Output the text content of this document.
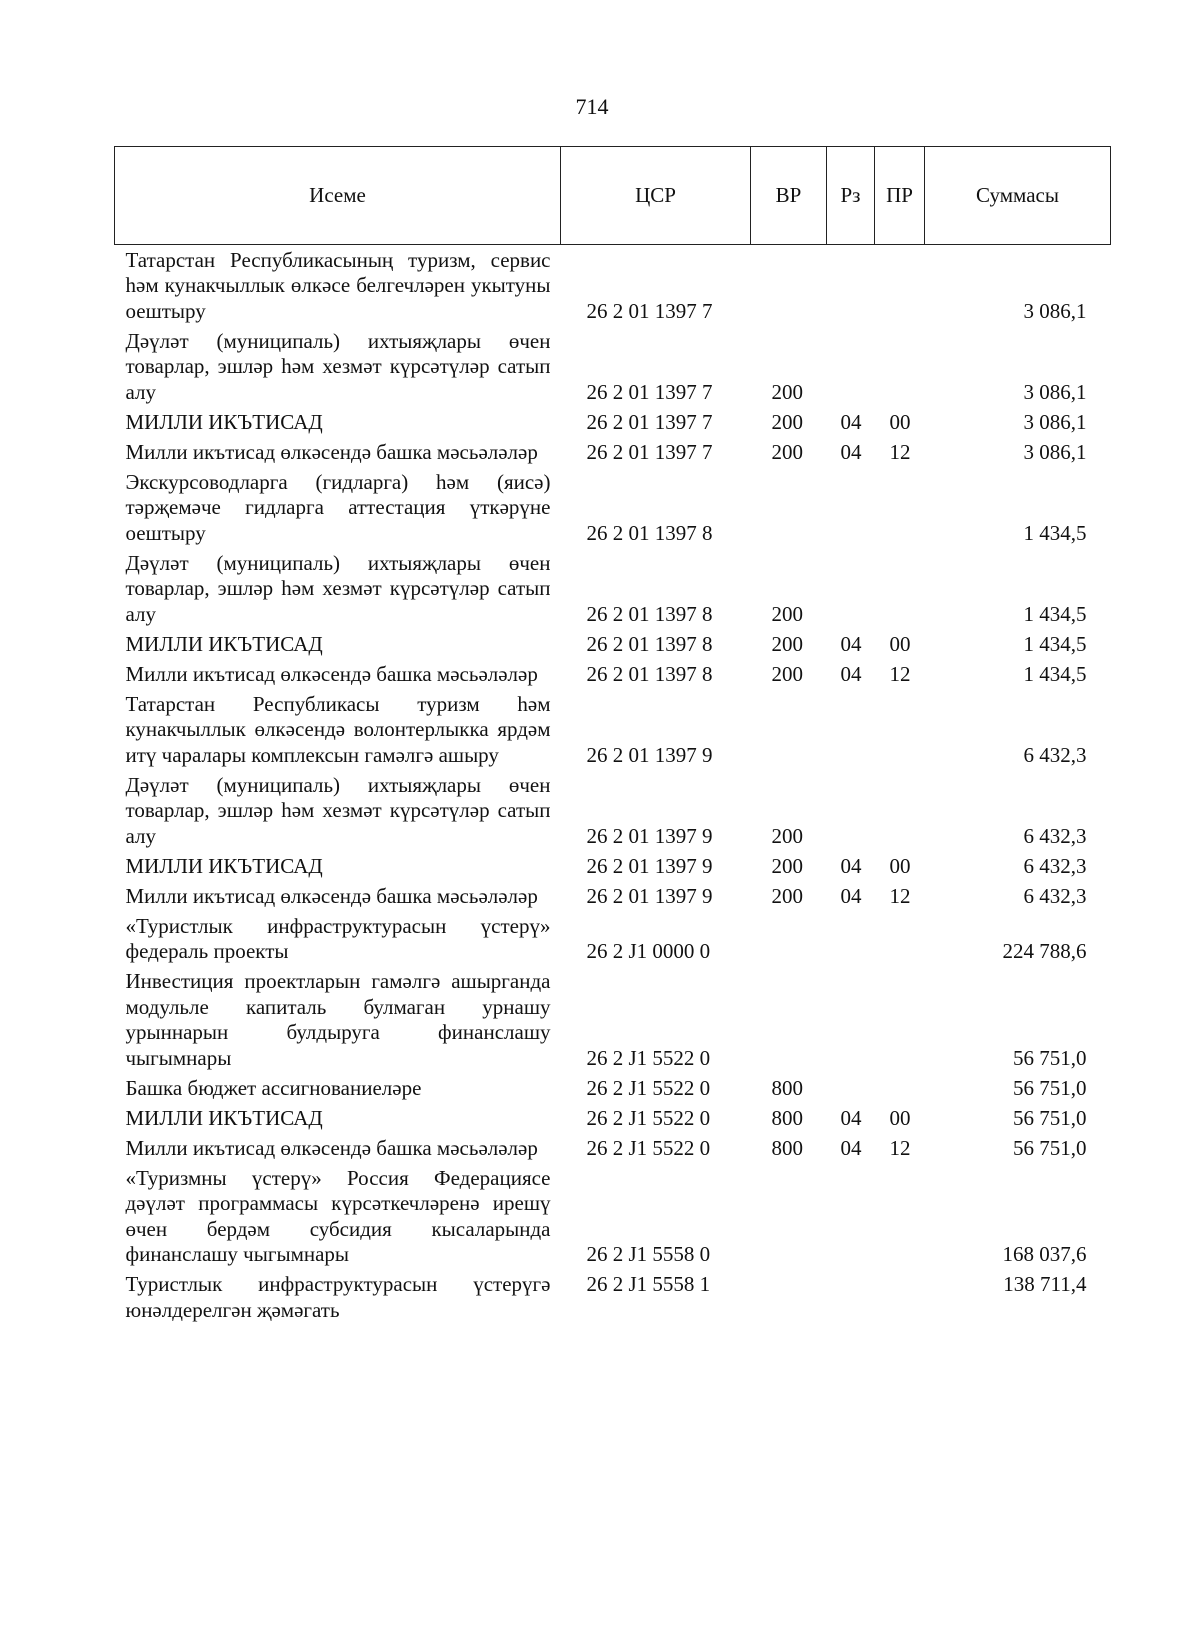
714
Исеме	ЦСР	ВР	Рз	ПР	Суммасы
Татарстан Республикасының туризм, сервис һәм кунакчыллык өлкәсе белгечләрен укытуны оештыру	26 2 01 1397 7				3 086,1
Дәүләт (муниципаль) ихтыяҗлары өчен товарлар, эшләр һәм хезмәт күрсәтүләр сатып алу	26 2 01 1397 7	200			3 086,1
МИЛЛИ ИКЪТИСАД	26 2 01 1397 7	200	04	00	3 086,1
Милли икътисад өлкәсендә башка мәсьәләләр	26 2 01 1397 7	200	04	12	3 086,1
Экскурсоводларга (гидларга) һәм (яисә) тәрҗемәче гидларга аттестация үткәрүне оештыру	26 2 01 1397 8				1 434,5
Дәүләт (муниципаль) ихтыяҗлары өчен товарлар, эшләр һәм хезмәт күрсәтүләр сатып алу	26 2 01 1397 8	200			1 434,5
МИЛЛИ ИКЪТИСАД	26 2 01 1397 8	200	04	00	1 434,5
Милли икътисад өлкәсендә башка мәсьәләләр	26 2 01 1397 8	200	04	12	1 434,5
Татарстан Республикасы туризм һәм кунакчыллык өлкәсендә волонтерлыкка ярдәм итү чаралары комплексын гамәлгә ашыру	26 2 01 1397 9				6 432,3
Дәүләт (муниципаль) ихтыяҗлары өчен товарлар, эшләр һәм хезмәт күрсәтүләр сатып алу	26 2 01 1397 9	200			6 432,3
МИЛЛИ ИКЪТИСАД	26 2 01 1397 9	200	04	00	6 432,3
Милли икътисад өлкәсендә башка мәсьәләләр	26 2 01 1397 9	200	04	12	6 432,3
«Туристлык инфраструктурасын үстерү» федераль проекты	26 2 J1 0000 0				224 788,6
Инвестиция проектларын гамәлгә ашырганда модульле капиталь булмаган урнашу урыннарын булдыруга финанслашу чыгымнары	26 2 J1 5522 0				56 751,0
Башка бюджет ассигнованиеләре	26 2 J1 5522 0	800			56 751,0
МИЛЛИ ИКЪТИСАД	26 2 J1 5522 0	800	04	00	56 751,0
Милли икътисад өлкәсендә башка мәсьәләләр	26 2 J1 5522 0	800	04	12	56 751,0
«Туризмны үстерү» Россия Федерациясе дәүләт программасы күрсәткечләренә ирешү өчен бердәм субсидия кысаларында финанслашу чыгымнары	26 2 J1 5558 0				168 037,6
Туристлык инфраструктурасын үстерүгә юнәлдерелгән җәмәгать	26 2 J1 5558 1				138 711,4
